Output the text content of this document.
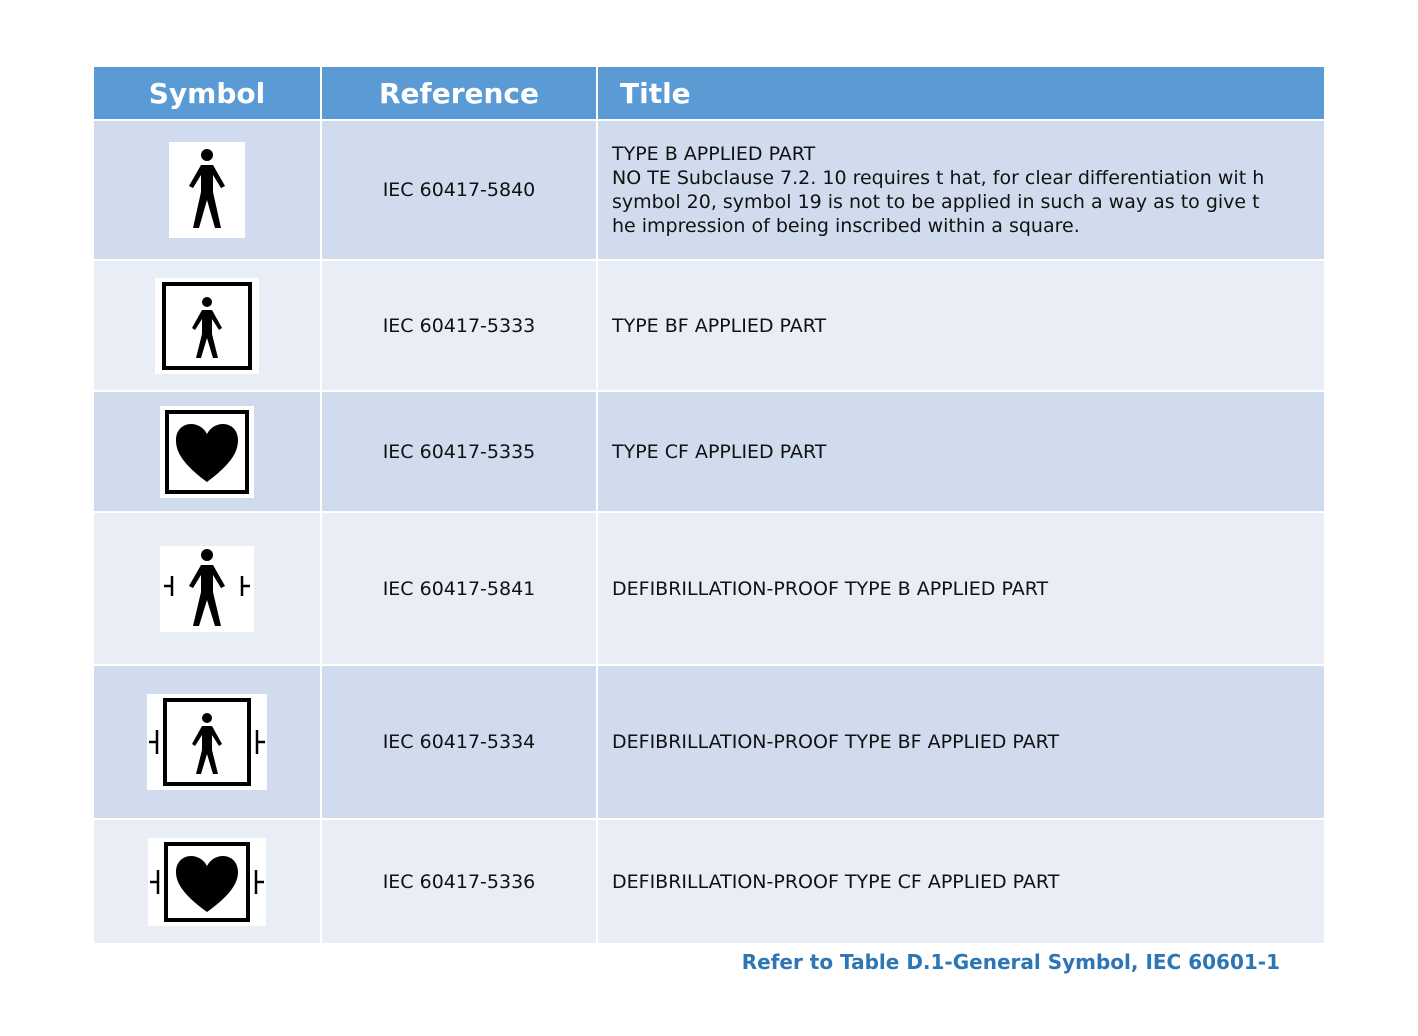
Symbol	Reference	Title

	IEC 60417-5840	TYPE B APPLIED PART
NO TE Subclause 7.2. 10 requires t hat, for clear differentiation wit h symbol 20, symbol 19 is not to be applied in such a way as to give t he impression of being inscribed within a square.

	IEC 60417-5333	TYPE BF APPLIED PART

	IEC 60417-5335	TYPE CF APPLIED PART

	IEC 60417-5841	DEFIBRILLATION-PROOF TYPE B APPLIED PART

	IEC 60417-5334	DEFIBRILLATION-PROOF TYPE BF APPLIED PART

	IEC 60417-5336	DEFIBRILLATION-PROOF TYPE CF APPLIED PART
Refer to Table D.1-General Symbol, IEC 60601-1
